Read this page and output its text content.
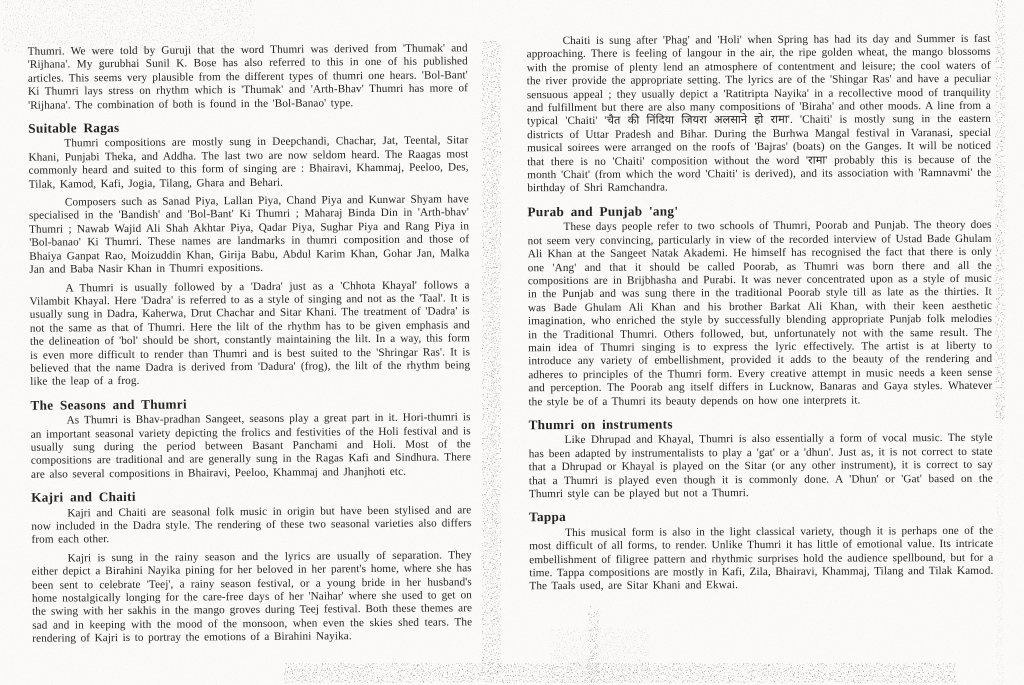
Thumri. We were told by Guruji that the word Thumri was derived from 'Thumak' and 'Rijhana'. My gurubhai Sunil K. Bose has also referred to this in one of his published articles. This seems very plausible from the different types of thumri one hears. 'Bol-Bant' Ki Thumri lays stress on rhythm which is 'Thumak' and 'Arth-Bhav' Thumri has more of 'Rijhana'. The combination of both is found in the 'Bol-Banao' type.

Suitable Ragas

Thumri compositions are mostly sung in Deepchandi, Chachar, Jat, Teental, Sitar Khani, Punjabi Theka, and Addha. The last two are now seldom heard. The Raagas most commonly heard and suited to this form of singing are : Bhairavi, Khammaj, Peeloo, Des, Tilak, Kamod, Kafi, Jogia, Tilang, Ghara and Behari.

Composers such as Sanad Piya, Lallan Piya, Chand Piya and Kunwar Shyam have specialised in the 'Bandish' and 'Bol-Bant' Ki Thumri ; Maharaj Binda Din in 'Arth-bhav' Thumri ; Nawab Wajid Ali Shah Akhtar Piya, Qadar Piya, Sughar Piya and Rang Piya in 'Bol-banao' Ki Thumri. These names are landmarks in thumri composition and those of Bhaiya Ganpat Rao, Moizuddin Khan, Girija Babu, Abdul Karim Khan, Gohar Jan, Malka Jan and Baba Nasir Khan in Thumri expositions.

A Thumri is usually followed by a 'Dadra' just as a 'Chhota Khayal' follows a Vilambit Khayal. Here 'Dadra' is referred to as a style of singing and not as the 'Taal'. It is usually sung in Dadra, Kaherwa, Drut Chachar and Sitar Khani. The treatment of 'Dadra' is not the same as that of Thumri. Here the lilt of the rhythm has to be given emphasis and the delineation of 'bol' should be short, constantly maintaining the lilt. In a way, this form is even more difficult to render than Thumri and is best suited to the 'Shringar Ras'. It is believed that the name Dadra is derived from 'Dadura' (frog), the lilt of the rhythm being like the leap of a frog.

The Seasons and Thumri

As Thumri is Bhav-pradhan Sangeet, seasons play a great part in it. Hori-thumri is an important seasonal variety depicting the frolics and festivities of the Holi festival and is usually sung during the period between Basant Panchami and Holi. Most of the compositions are traditional and are generally sung in the Ragas Kafi and Sindhura. There are also several compositions in Bhairavi, Peeloo, Khammaj and Jhanjhoti etc.

Kajri and Chaiti

Kajri and Chaiti are seasonal folk music in origin but have been stylised and are now included in the Dadra style. The rendering of these two seasonal varieties also differs from each other.

Kajri is sung in the rainy season and the lyrics are usually of separation. They either depict a Birahini Nayika pining for her beloved in her parent's home, where she has been sent to celebrate 'Teej', a rainy season festival, or a young bride in her husband's home nostalgically longing for the care-free days of her 'Naihar' where she used to get on the swing with her sakhis in the mango groves during Teej festival. Both these themes are sad and in keeping with the mood of the monsoon, when even the skies shed tears. The rendering of Kajri is to portray the emotions of a Birahini Nayika.

Chaiti is sung after 'Phag' and 'Holi' when Spring has had its day and Summer is fast approaching. There is feeling of langour in the air, the ripe golden wheat, the mango blossoms with the promise of plenty lend an atmosphere of contentment and leisure; the cool waters of the river provide the appropriate setting. The lyrics are of the 'Shingar Ras' and have a peculiar sensuous appeal ; they usually depict a 'Ratitripta Nayika' in a recollective mood of tranquility and fulfillment but there are also many compositions of 'Biraha' and other moods. A line from a typical 'Chaiti' 'चैत की निंदिया जियरा अलसाने हो रामा'. 'Chaiti' is mostly sung in the eastern districts of Uttar Pradesh and Bihar. During the Burhwa Mangal festival in Varanasi, special musical soirees were arranged on the roofs of 'Bajras' (boats) on the Ganges. It will be noticed that there is no 'Chaiti' composition without the word 'रामा' probably this is because of the month 'Chait' (from which the word 'Chaiti' is derived), and its association with 'Ramnavmi' the birthday of Shri Ramchandra.

Purab and Punjab 'ang'

These days people refer to two schools of Thumri, Poorab and Punjab. The theory does not seem very convincing, particularly in view of the recorded interview of Ustad Bade Ghulam Ali Khan at the Sangeet Natak Akademi. He himself has recognised the fact that there is only one 'Ang' and that it should be called Poorab, as Thumri was born there and all the compositions are in Brijbhasha and Purabi. It was never concentrated upon as a style of music in the Punjab and was sung there in the traditional Poorab style till as late as the thirties. It was Bade Ghulam Ali Khan and his brother Barkat Ali Khan, with their keen aesthetic imagination, who enriched the style by successfully blending appropriate Punjab folk melodies in the Traditional Thumri. Others followed, but, unfortunately not with the same result. The main idea of Thumri singing is to express the lyric effectively. The artist is at liberty to introduce any variety of embellishment, provided it adds to the beauty of the rendering and adheres to principles of the Thumri form. Every creative attempt in music needs a keen sense and perception. The Poorab ang itself differs in Lucknow, Banaras and Gaya styles. Whatever the style be of a Thumri its beauty depends on how one interprets it.

Thumri on instruments

Like Dhrupad and Khayal, Thumri is also essentially a form of vocal music. The style has been adapted by instrumentalists to play a 'gat' or a 'dhun'. Just as, it is not correct to state that a Dhrupad or Khayal is played on the Sitar (or any other instrument), it is correct to say that a Thumri is played even though it is commonly done. A 'Dhun' or 'Gat' based on the Thumri style can be played but not a Thumri.

Tappa

This musical form is also in the light classical variety, though it is perhaps one of the most difficult of all forms, to render. Unlike Thumri it has little of emotional value. Its intricate embellishment of filigree pattern and rhythmic surprises hold the audience spellbound, but for a time. Tappa compositions are mostly in Kafi, Zila, Bhairavi, Khammaj, Tilang and Tilak Kamod. The Taals used, are Sitar Khani and Ekwai.
